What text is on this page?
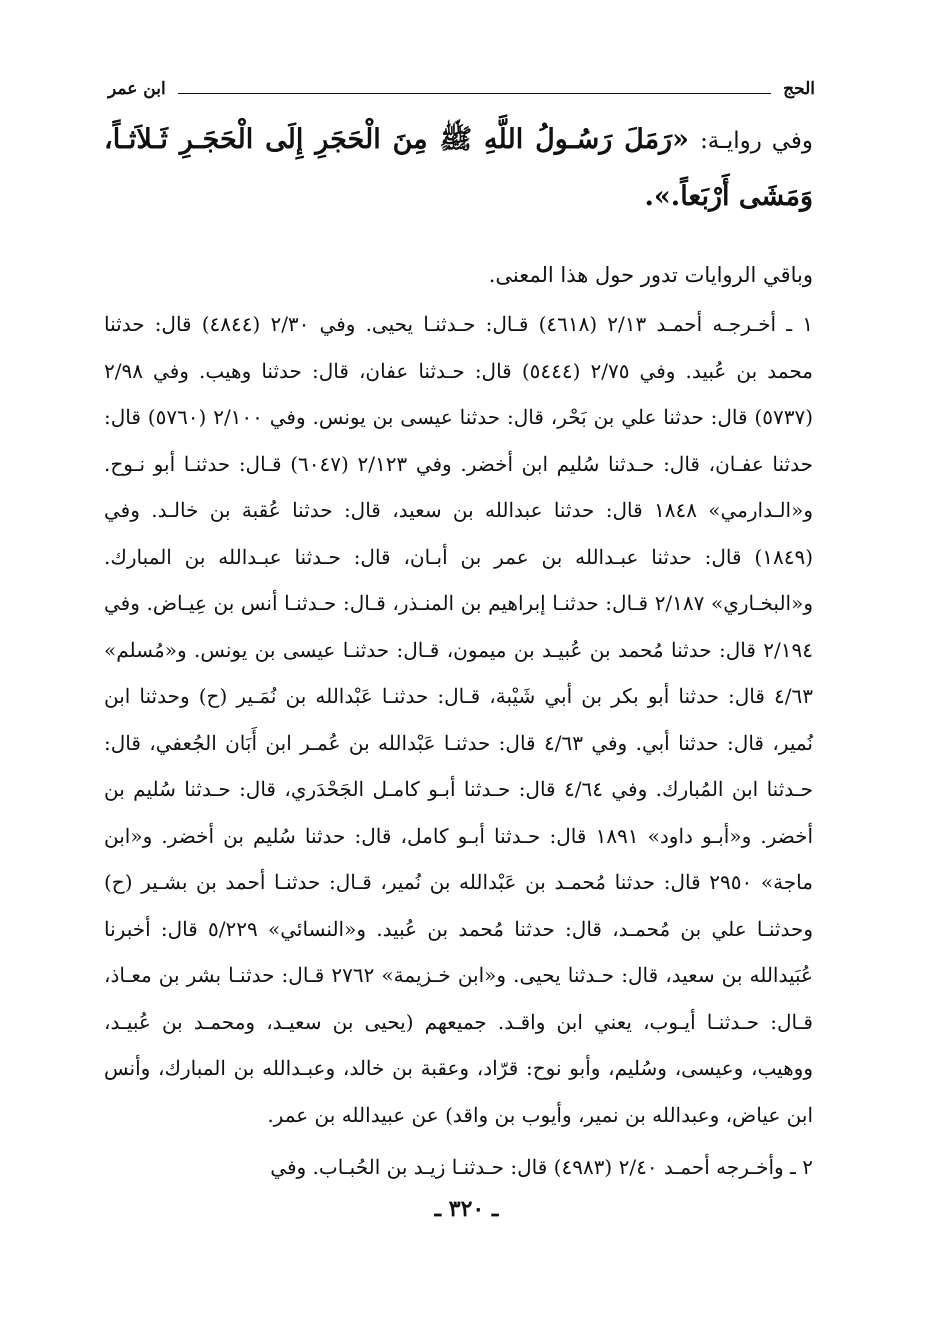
الحج
ابن عمر

وفي روايـة: «رَمَلَ رَسُـولُ اللَّهِ ﷺ مِنَ الْحَجَرِ إِلَى الْحَجَـرِ ثَـلاَثـاً، وَمَشَى أَرْبَعاً.».

وباقي الروايات تدور حول هذا المعنى.

١ ـ أخـرجـه أحمـد ٢/١٣ (٤٦١٨) قـال: حـدثنـا يحيى. وفي ٢/٣٠ (٤٨٤٤) قال: حدثنا محمد بن عُبيد. وفي ٢/٧٥ (٥٤٤٤) قال: حـدثنا عفان، قال: حدثنا وهيب. وفي ٢/٩٨ (٥٧٣٧) قال: حدثنا علي بن بَحْر، قال: حدثنا عيسى بن يونس. وفي ٢/١٠٠ (٥٧٦٠) قال: حدثنا عفـان، قال: حـدثنا سُليم ابن أخضر. وفي ٢/١٢٣ (٦٠٤٧) قـال: حدثنـا أبو نـوح. و«الـدارمي» ١٨٤٨ قال: حدثنا عبدالله بن سعيد، قال: حدثنا عُقبة بن خالـد. وفي (١٨٤٩) قال: حدثنا عبـدالله بن عمر بن أبـان، قال: حـدثنا عبـدالله بن المبارك. و«البخـاري» ٢/١٨٧ قـال: حدثنـا إبراهيم بن المنـذر، قـال: حـدثنـا أنس بن عِيـاض. وفي ٢/١٩٤ قال: حدثنا مُحمد بن عُبيـد بن ميمون، قـال: حدثنـا عيسى بن يونس. و«مُسلم» ٤/٦٣ قال: حدثنا أبو بكر بن أبي شَيْبة، قـال: حدثنـا عَبْدالله بن نُمَـير (ح) وحدثنا ابن نُمير، قال: حدثنا أبي. وفي ٤/٦٣ قال: حدثنـا عَبْدالله بن عُمـر ابن أَبَان الجُعفي، قال: حـدثنا ابن المُبارك. وفي ٤/٦٤ قال: حـدثنا أبـو كامـل الجَحْدَري، قال: حـدثنا سُليم بن أخضر. و«أبـو داود» ١٨٩١ قال: حـدثنا أبـو كامل، قال: حدثنا سُليم بن أخضر. و«ابن ماجة» ٢٩٥٠ قال: حدثنا مُحمـد بن عَبْدالله بن نُمير، قـال: حدثنـا أحمد بن بشـير (ح) وحدثنـا علي بن مُحمـد، قال: حدثنا مُحمد بن عُبيد. و«النسائي» ٥/٢٢٩ قال: أخبرنا عُبَيدالله بن سعيد، قال: حـدثنا يحيى. و«ابن خـزيمة» ٢٧٦٢ قـال: حدثنـا بشر بن معـاذ، قـال: حـدثنـا أيـوب، يعني ابن واقـد. جميعهم (يحيى بن سعيـد، ومحمـد بن عُبيـد، ووهيب، وعيسى، وسُليم، وأبو نوح: قرّاد، وعقبة بن خالد، وعبـدالله بن المبارك، وأنس ابن عياض، وعبدالله بن نمير، وأيوب بن واقد) عن عبيدالله بن عمر.

٢ ـ وأخـرجه أحمـد ٢/٤٠ (٤٩٨٣) قال: حـدثنـا زيـد بن الحُبـاب. وفي

ـ ٣٢٠ ـ
